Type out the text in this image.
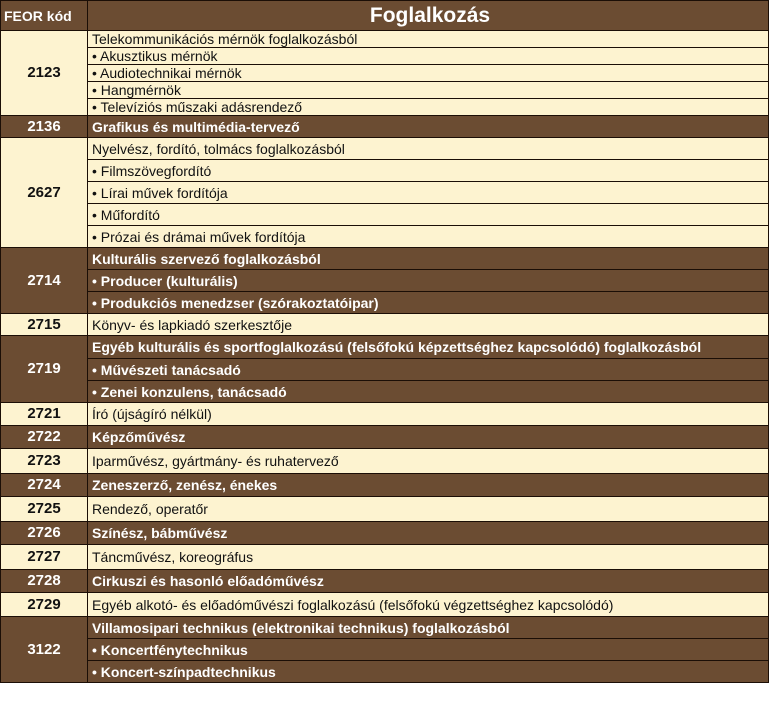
FEOR kód	Foglalkozás
2123	Telekommunikációs mérnök foglalkozásból
	• Akusztikus mérnök
	• Audiotechnikai mérnök
	• Hangmérnök
	• Televíziós műszaki adásrendező
2136	Grafikus és multimédia-tervező
2627	Nyelvész, fordító, tolmács foglalkozásból
	• Filmszövegfordító
	• Lírai művek fordítója
	• Műfordító
	• Prózai és drámai művek fordítója
2714	Kulturális szervező foglalkozásból
	• Producer (kulturális)
	• Produkciós menedzser (szórakoztatóipar)
2715	Könyv- és lapkiadó szerkesztője
2719	Egyéb kulturális és sportfoglalkozású (felsőfokú képzettséghez kapcsolódó) foglalkozásból
	• Művészeti tanácsadó
	• Zenei konzulens, tanácsadó
2721	Író (újságíró nélkül)
2722	Képzőművész
2723	Iparművész, gyártmány- és ruhatervező
2724	Zeneszerző, zenész, énekes
2725	Rendező, operatőr
2726	Színész, bábművész
2727	Táncművész, koreográfus
2728	Cirkuszi és hasonló előadóművész
2729	Egyéb alkotó- és előadóművészi foglalkozású (felsőfokú végzettséghez kapcsolódó)
3122	Villamosipari technikus (elektronikai technikus) foglalkozásból
	• Koncertfénytechnikus
	• Koncert-színpadtechnikus
